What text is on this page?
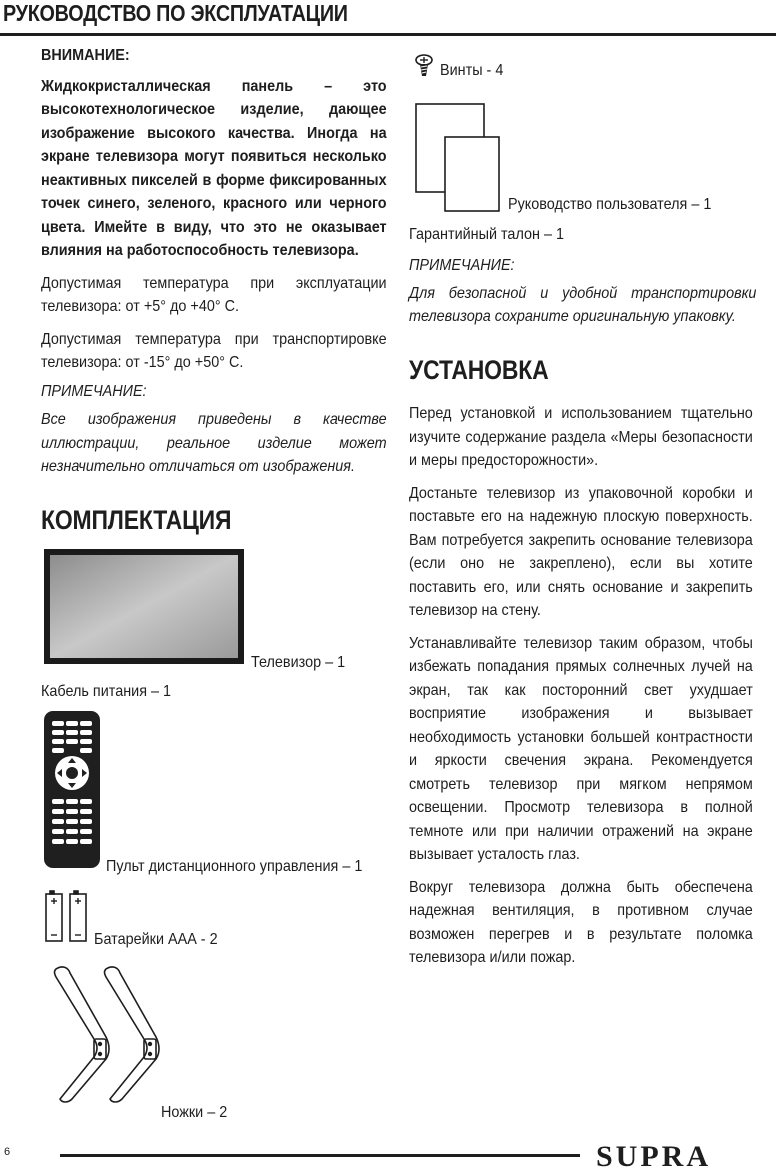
РУКОВОДСТВО ПО ЭКСПЛУАТАЦИИ
ВНИМАНИЕ:
Жидкокристаллическая панель – это высокотехнологическое изделие, дающее изображение высокого качества. Иногда на экране телевизора могут появиться несколько неактивных пикселей в форме фиксированных точек синего, зеленого, красного или черного цвета. Имейте в виду, что это не оказывает влияния на работоспособность телевизора.
Допустимая температура при эксплуатации телевизора: от +5° до +40° С.
Допустимая температура при транспортировке телевизора: от -15° до +50° С.
ПРИМЕЧАНИЕ:
Все изображения приведены в качестве иллюстрации, реальное изделие может незначительно отличаться от изображения.
КОМПЛЕКТАЦИЯ
Телевизор – 1
Кабель питания – 1
Пульт дистанционного управления – 1
Батарейки ААА - 2
Ножки – 2
Винты - 4
Руководство пользователя – 1
Гарантийный талон – 1
ПРИМЕЧАНИЕ:
Для безопасной и удобной транспортировки телевизора сохраните оригинальную упаковку.
УСТАНОВКА
Перед установкой и использованием тщательно изучите содержание раздела «Меры безопасности и меры предосторожности».
Достаньте телевизор из упаковочной коробки и поставьте его на надежную плоскую поверхность. Вам потребуется закрепить основание телевизора (если оно не закреплено), если вы хотите поставить его, или снять основание и закрепить телевизор на стену.
Устанавливайте телевизор таким образом, чтобы избежать попадания прямых солнечных лучей на экран, так как посторонний свет ухудшает восприятие изображения и вызывает необходимость установки большей контрастности и яркости свечения экрана. Рекомендуется смотреть телевизор при мягком непрямом освещении. Просмотр телевизора в полной темноте или при наличии отражений на экране вызывает усталость глаз.
Вокруг телевизора должна быть обеспечена надежная вентиляция, в противном случае возможен перегрев и в результате поломка телевизора и/или пожар.
6	SUPRA
